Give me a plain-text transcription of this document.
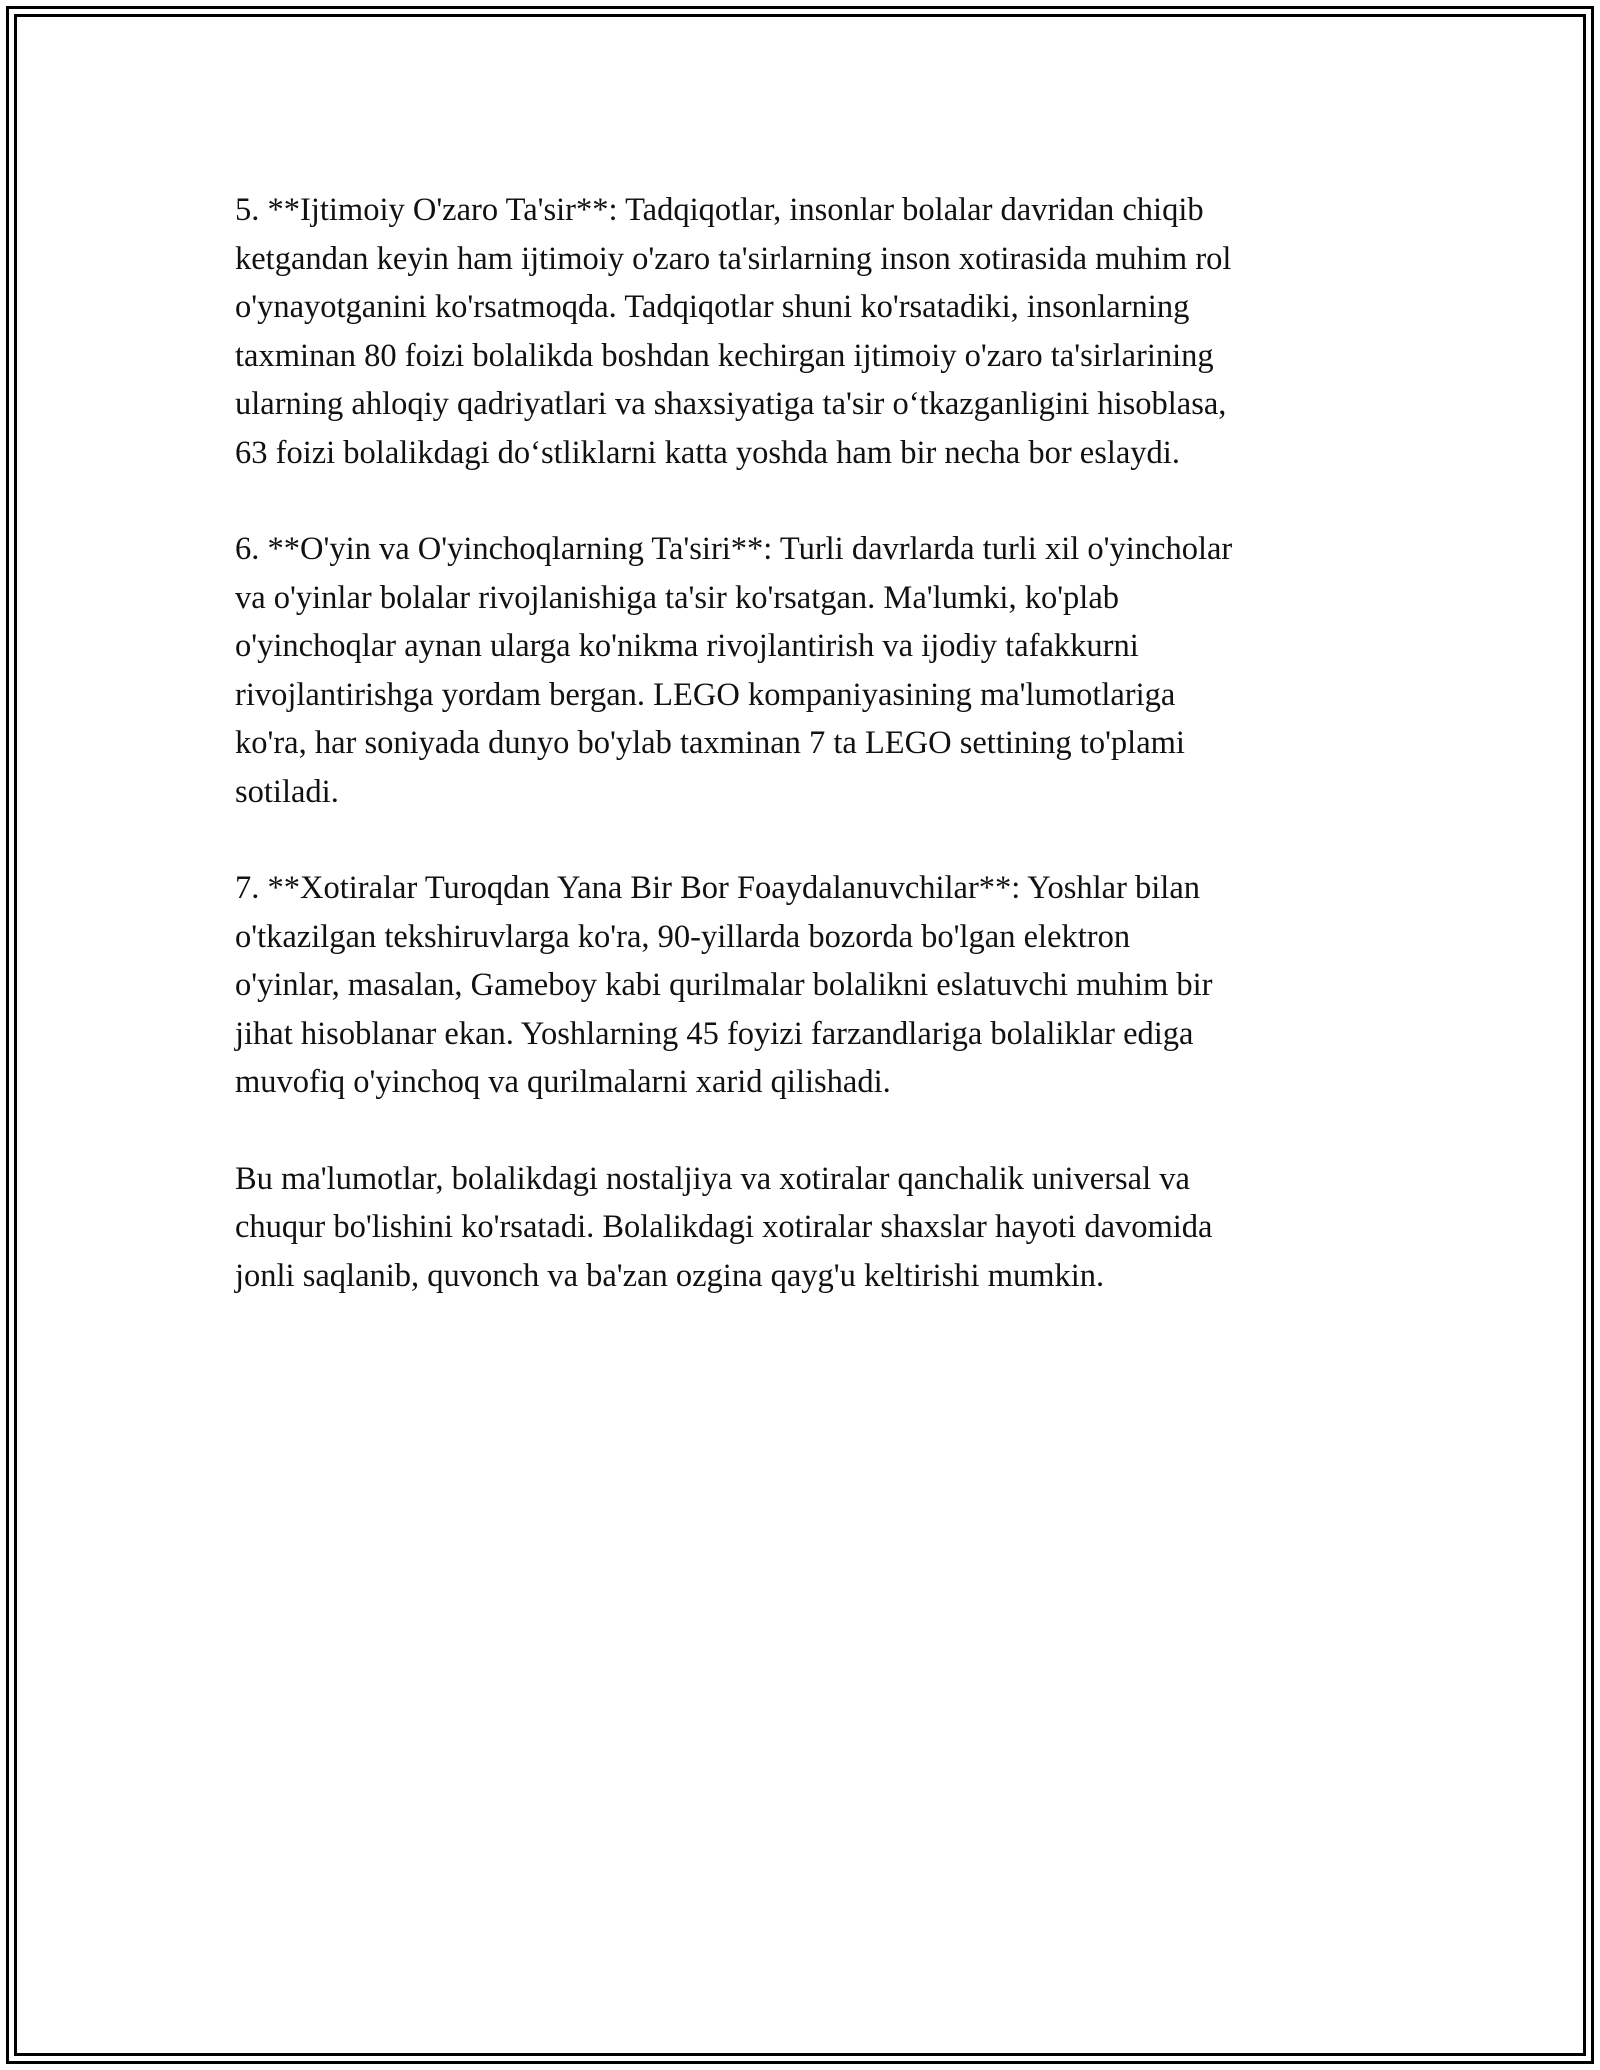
5. **Ijtimoiy O'zaro Ta'sir**: Tadqiqotlar, insonlar bolalar davridan chiqib
ketgandan keyin ham ijtimoiy o'zaro ta'sirlarning inson xotirasida muhim rol
o'ynayotganini ko'rsatmoqda. Tadqiqotlar shuni ko'rsatadiki, insonlarning
taxminan 80 foizi bolalikda boshdan kechirgan ijtimoiy o'zaro ta'sirlarining
ularning ahloqiy qadriyatlari va shaxsiyatiga ta'sir o‘tkazganligini hisoblasa,
63 foizi bolalikdagi do‘stliklarni katta yoshda ham bir necha bor eslaydi.

6. **O'yin va O'yinchoqlarning Ta'siri**: Turli davrlarda turli xil o'yincholar
va o'yinlar bolalar rivojlanishiga ta'sir ko'rsatgan. Ma'lumki, ko'plab
o'yinchoqlar aynan ularga ko'nikma rivojlantirish va ijodiy tafakkurni
rivojlantirishga yordam bergan. LEGO kompaniyasining ma'lumotlariga
ko'ra, har soniyada dunyo bo'ylab taxminan 7 ta LEGO settining to'plami
sotiladi.

7. **Xotiralar Turoqdan Yana Bir Bor Foaydalanuvchilar**: Yoshlar bilan
o'tkazilgan tekshiruvlarga ko'ra, 90-yillarda bozorda bo'lgan elektron
o'yinlar, masalan, Gameboy kabi qurilmalar bolalikni eslatuvchi muhim bir
jihat hisoblanar ekan. Yoshlarning 45 foyizi farzandlariga bolaliklar ediga
muvofiq o'yinchoq va qurilmalarni xarid qilishadi.

Bu ma'lumotlar, bolalikdagi nostaljiya va xotiralar qanchalik universal va
chuqur bo'lishini ko'rsatadi. Bolalikdagi xotiralar shaxslar hayoti davomida
jonli saqlanib, quvonch va ba'zan ozgina qayg'u keltirishi mumkin.
